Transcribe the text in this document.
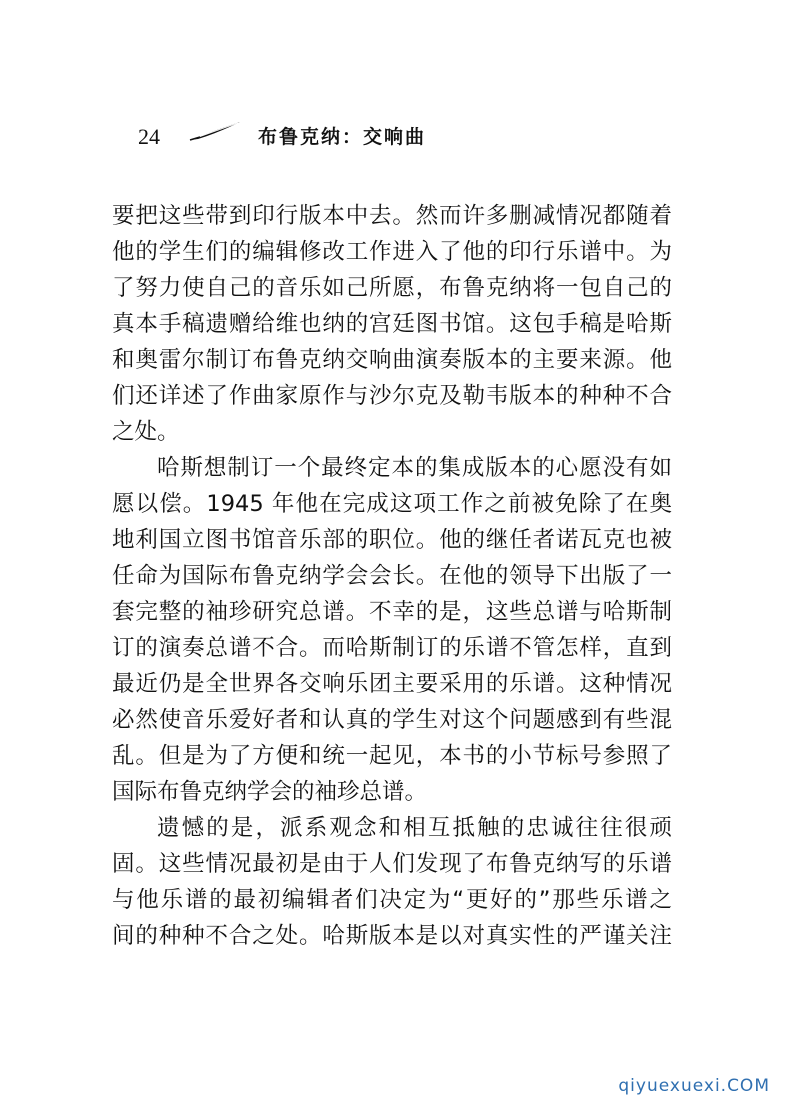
24	布鲁克纳：交响曲
要把这些带到印行版本中去。然而许多删减情况都随着
他的学生们的编辑修改工作进入了他的印行乐谱中。为
了努力使自己的音乐如己所愿，布鲁克纳将一包自己的
真本手稿遗赠给维也纳的宫廷图书馆。这包手稿是哈斯
和奥雷尔制订布鲁克纳交响曲演奏版本的主要来源。他
们还详述了作曲家原作与沙尔克及勒韦版本的种种不合
之处。
哈斯想制订一个最终定本的集成版本的心愿没有如
愿以偿。1945 年他在完成这项工作之前被免除了在奥
地利国立图书馆音乐部的职位。他的继任者诺瓦克也被
任命为国际布鲁克纳学会会长。在他的领导下出版了一
套完整的袖珍研究总谱。不幸的是，这些总谱与哈斯制
订的演奏总谱不合。而哈斯制订的乐谱不管怎样，直到
最近仍是全世界各交响乐团主要采用的乐谱。这种情况
必然使音乐爱好者和认真的学生对这个问题感到有些混
乱。但是为了方便和统一起见，本书的小节标号参照了
国际布鲁克纳学会的袖珍总谱。
遗憾的是，派系观念和相互抵触的忠诚往往很顽
固。这些情况最初是由于人们发现了布鲁克纳写的乐谱
与他乐谱的最初编辑者们决定为“更好的”那些乐谱之
间的种种不合之处。哈斯版本是以对真实性的严谨关注
qiyuexuexi.COM
